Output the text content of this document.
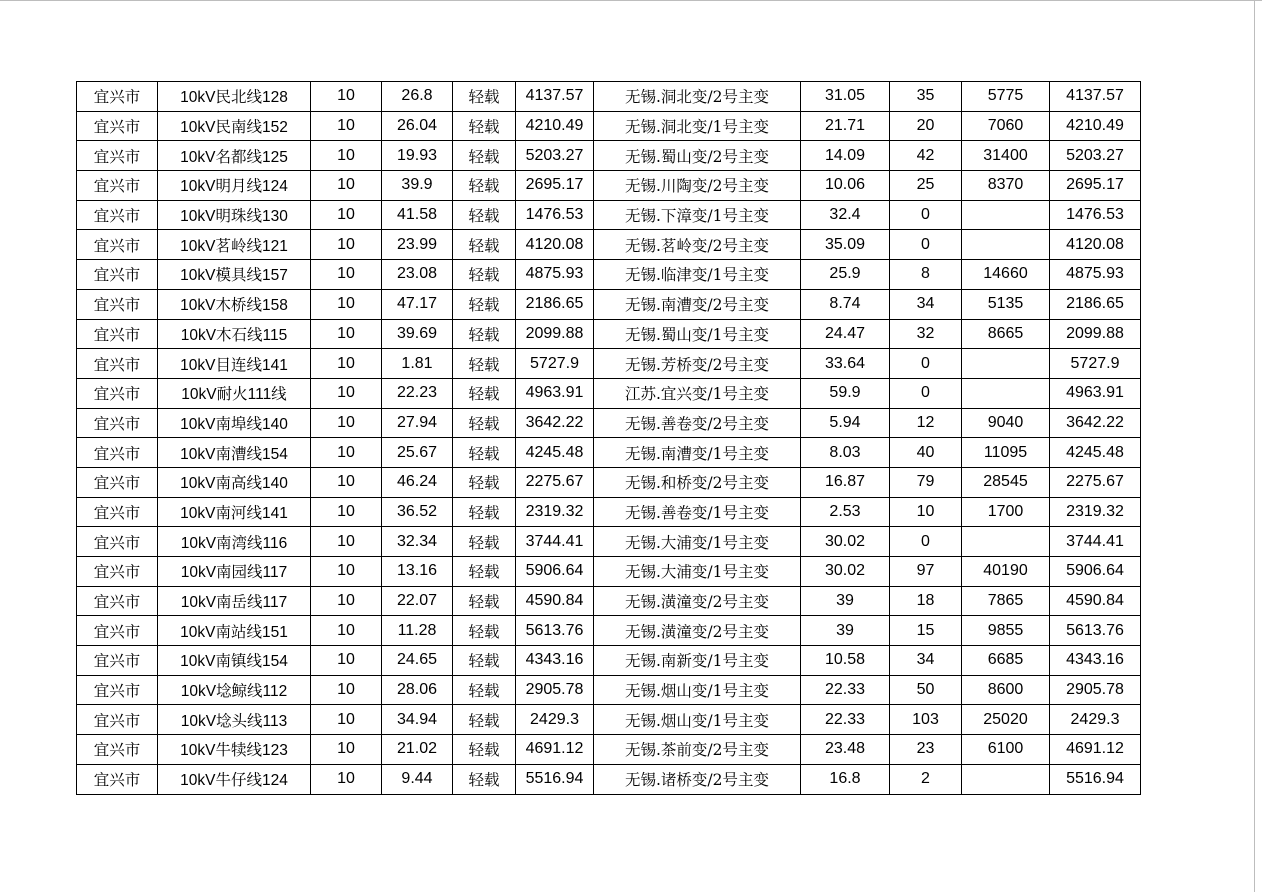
宜兴市	10kV民北线128	10	26.8	轻载	4137.57	无锡.洞北变/2号主变	31.05	35	5775	4137.57
宜兴市	10kV民南线152	10	26.04	轻载	4210.49	无锡.洞北变/1号主变	21.71	20	7060	4210.49
宜兴市	10kV名都线125	10	19.93	轻载	5203.27	无锡.蜀山变/2号主变	14.09	42	31400	5203.27
宜兴市	10kV明月线124	10	39.9	轻载	2695.17	无锡.川陶变/2号主变	10.06	25	8370	2695.17
宜兴市	10kV明珠线130	10	41.58	轻载	1476.53	无锡.下漳变/1号主变	32.4	0		1476.53
宜兴市	10kV茗岭线121	10	23.99	轻载	4120.08	无锡.茗岭变/2号主变	35.09	0		4120.08
宜兴市	10kV模具线157	10	23.08	轻载	4875.93	无锡.临津变/1号主变	25.9	8	14660	4875.93
宜兴市	10kV木桥线158	10	47.17	轻载	2186.65	无锡.南漕变/2号主变	8.74	34	5135	2186.65
宜兴市	10kV木石线115	10	39.69	轻载	2099.88	无锡.蜀山变/1号主变	24.47	32	8665	2099.88
宜兴市	10kV目连线141	10	1.81	轻载	5727.9	无锡.芳桥变/2号主变	33.64	0		5727.9
宜兴市	10kV耐火111线	10	22.23	轻载	4963.91	江苏.宜兴变/1号主变	59.9	0		4963.91
宜兴市	10kV南埠线140	10	27.94	轻载	3642.22	无锡.善卷变/2号主变	5.94	12	9040	3642.22
宜兴市	10kV南漕线154	10	25.67	轻载	4245.48	无锡.南漕变/1号主变	8.03	40	11095	4245.48
宜兴市	10kV南高线140	10	46.24	轻载	2275.67	无锡.和桥变/2号主变	16.87	79	28545	2275.67
宜兴市	10kV南河线141	10	36.52	轻载	2319.32	无锡.善卷变/1号主变	2.53	10	1700	2319.32
宜兴市	10kV南湾线116	10	32.34	轻载	3744.41	无锡.大浦变/1号主变	30.02	0		3744.41
宜兴市	10kV南园线117	10	13.16	轻载	5906.64	无锡.大浦变/1号主变	30.02	97	40190	5906.64
宜兴市	10kV南岳线117	10	22.07	轻载	4590.84	无锡.潢潼变/2号主变	39	18	7865	4590.84
宜兴市	10kV南站线151	10	11.28	轻载	5613.76	无锡.潢潼变/2号主变	39	15	9855	5613.76
宜兴市	10kV南镇线154	10	24.65	轻载	4343.16	无锡.南新变/1号主变	10.58	34	6685	4343.16
宜兴市	10kV埝鲸线112	10	28.06	轻载	2905.78	无锡.烟山变/1号主变	22.33	50	8600	2905.78
宜兴市	10kV埝头线113	10	34.94	轻载	2429.3	无锡.烟山变/1号主变	22.33	103	25020	2429.3
宜兴市	10kV牛犊线123	10	21.02	轻载	4691.12	无锡.茶前变/2号主变	23.48	23	6100	4691.12
宜兴市	10kV牛仔线124	10	9.44	轻载	5516.94	无锡.诸桥变/2号主变	16.8	2		5516.94
